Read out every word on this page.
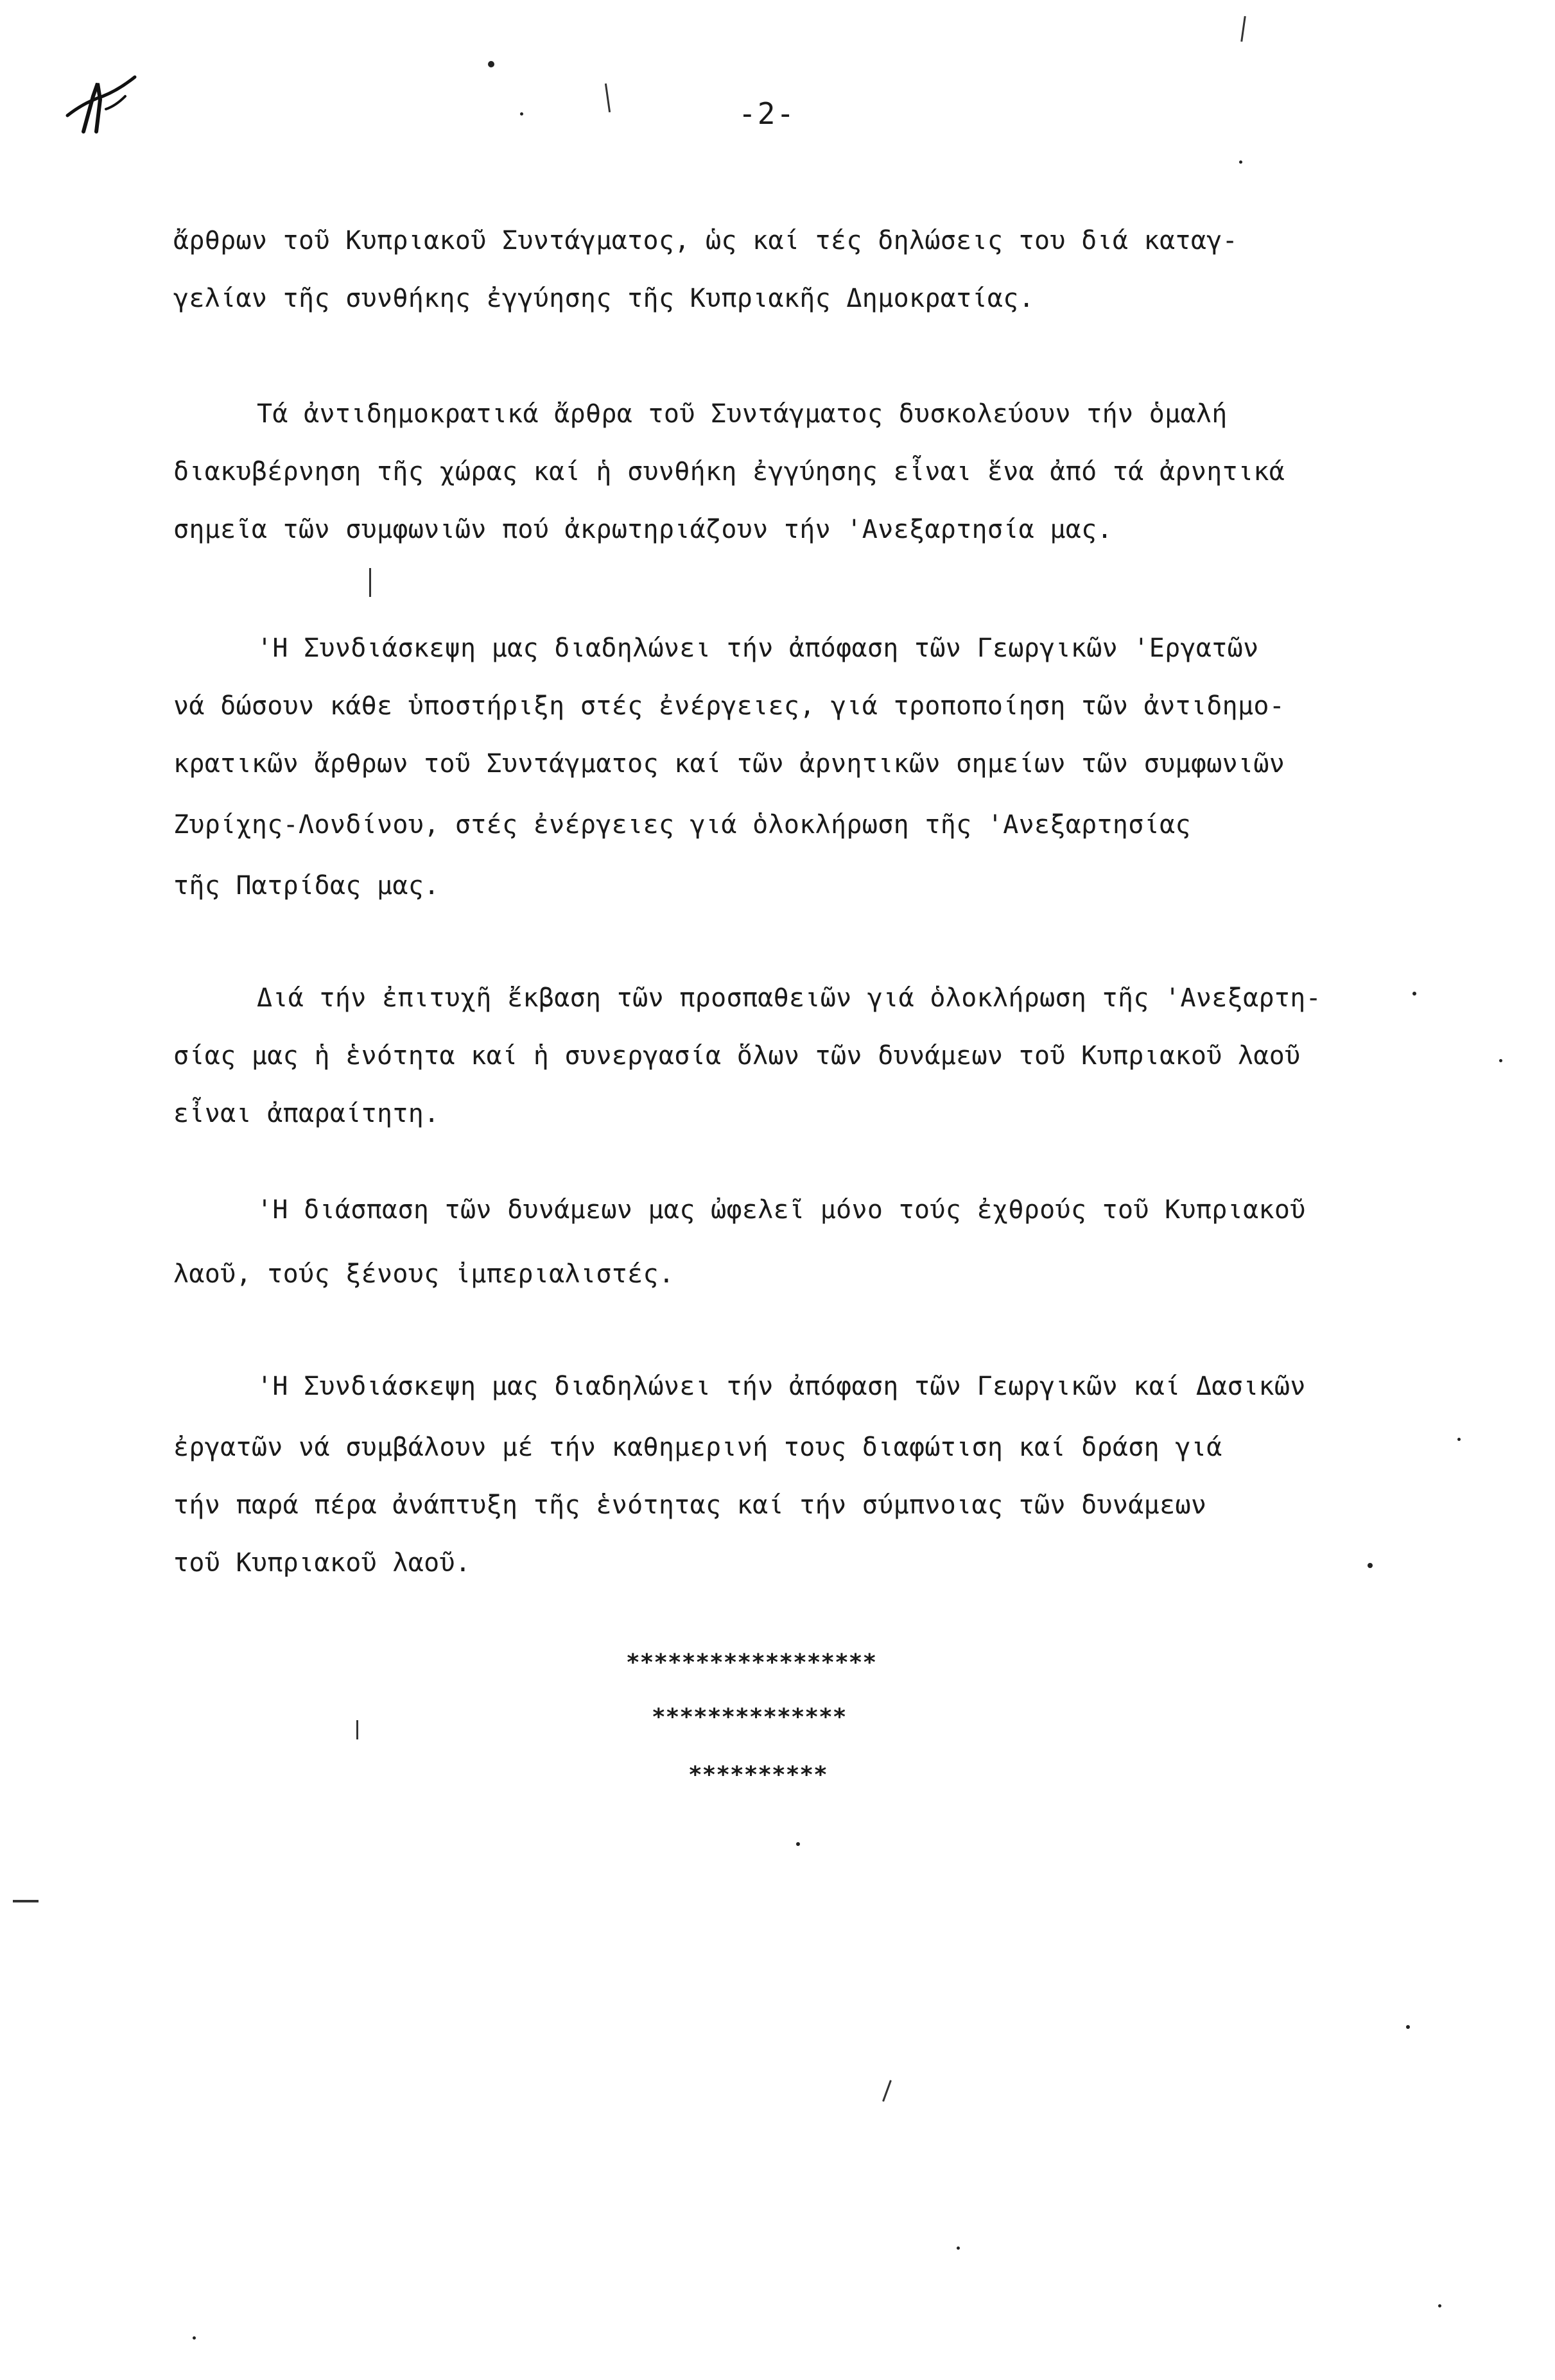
-2-
ἄρθρων τοῦ Κυπριακοῦ Συντάγματος, ὡς καί τές δηλώσεις του διά καταγ-
γελίαν τῆς συνθήκης ἐγγύησης τῆς Κυπριακῆς Δημοκρατίας.
Τά ἀντιδημοκρατικά ἄρθρα τοῦ Συντάγματος δυσκολεύουν τήν ὁμαλή
διακυβέρνηση τῆς χώρας καί ἡ συνθήκη ἐγγύησης εἶναι ἕνα ἀπό τά ἀρνητικά
σημεῖα τῶν συμφωνιῶν πού ἀκρωτηριάζουν τήν 'Ανεξαρτησία μας.
'Η Συνδιάσκεψη μας διαδηλώνει τήν ἀπόφαση τῶν Γεωργικῶν 'Εργατῶν
νά δώσουν κάθε ὑποστήριξη στές ἐνέργειες, γιά τροποποίηση τῶν ἀντιδημο-
κρατικῶν ἄρθρων τοῦ Συντάγματος καί τῶν ἀρνητικῶν σημείων τῶν συμφωνιῶν
Ζυρίχης-Λονδίνου, στές ἐνέργειες γιά ὁλοκλήρωση τῆς 'Ανεξαρτησίας
τῆς Πατρίδας μας.
Διά τήν ἐπιτυχῆ ἔκβαση τῶν προσπαθειῶν γιά ὁλοκλήρωση τῆς 'Ανεξαρτη-
σίας μας ἡ ἑνότητα καί ἡ συνεργασία ὅλων τῶν δυνάμεων τοῦ Κυπριακοῦ λαοῦ
εἶναι ἀπαραίτητη.
'Η διάσπαση τῶν δυνάμεων μας ὠφελεῖ μόνο τούς ἐχθρούς τοῦ Κυπριακοῦ
λαοῦ, τούς ξένους ἰμπεριαλιστές.
'Η Συνδιάσκεψη μας διαδηλώνει τήν ἀπόφαση τῶν Γεωργικῶν καί Δασικῶν
ἐργατῶν νά συμβάλουν μέ τήν καθημερινή τους διαφώτιση καί δράση γιά
τήν παρά πέρα ἀνάπτυξη τῆς ἑνότητας καί τήν σύμπνοιας τῶν δυνάμεων
τοῦ Κυπριακοῦ λαοῦ.
******************
**************
**********
